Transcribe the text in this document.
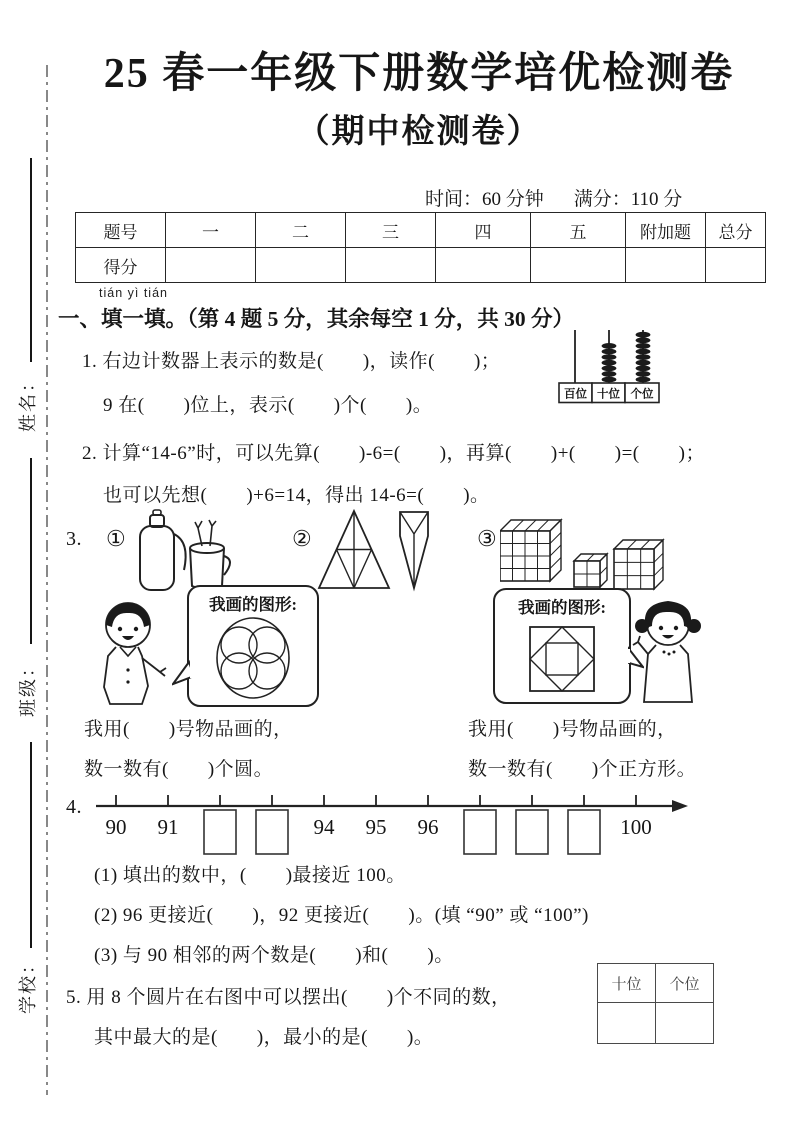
姓名：
班级：
学校：
25 春一年级下册数学培优检测卷
（期中检测卷）
时间：60 分钟 满分：110 分
题号	一	二	三	四	五	附加题	总分
得分							
tián yì tián
一、填一填。（第 4 题 5 分，其余每空 1 分，共 30 分）
1. 右边计数器上表示的数是(　　)，读作(　　)；
9 在(　　)位上，表示(　　)个(　　)。
百位 十位 个位
2. 计算“14-6”时，可以先算(　　)-6=(　　)，再算(　　)+(　　)=(　　)；
也可以先想(　　)+6=14，得出 14-6=(　　)。
3. ①	②	③
我画的图形:	我画的图形:
我用(　　)号物品画的，
数一数有(　　)个圆。
我用(　　)号物品画的，
数一数有(　　)个正方形。
4.
90 91	94 95 96	100
(1) 填出的数中，(　　)最接近 100。
(2) 96 更接近(　　)，92 更接近(　　)。(填 “90” 或 “100”)
(3) 与 90 相邻的两个数是(　　)和(　　)。
5. 用 8 个圆片在右图中可以摆出(　　)个不同的数，
其中最大的是(　　)，最小的是(　　)。
十位	个位
